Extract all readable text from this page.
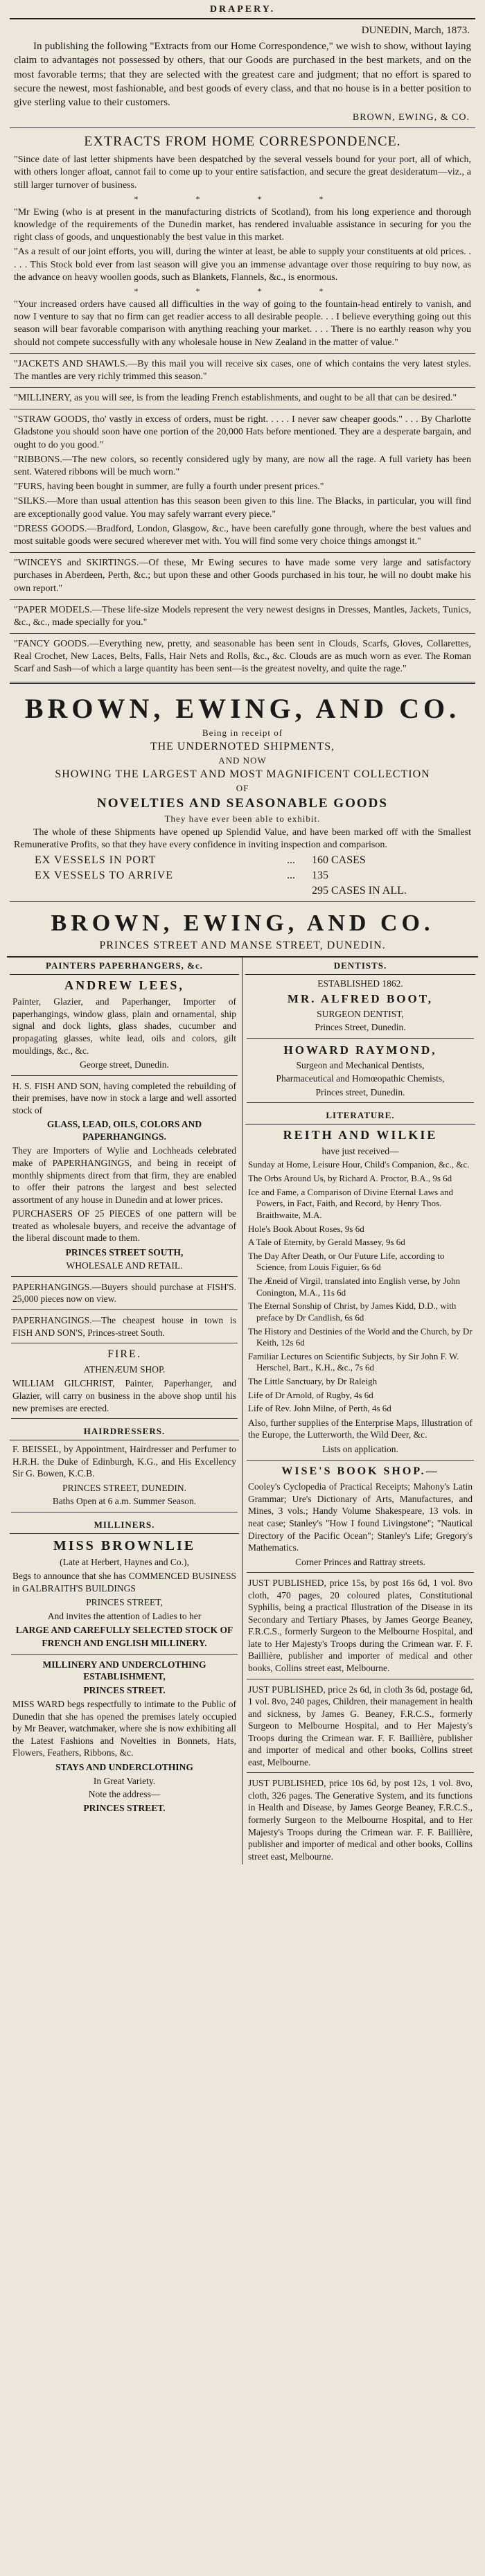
DRAPERY.
DUNEDIN, March, 1873.

In publishing the following "Extracts from our Home Correspondence," we wish to show, without laying claim to advantages not possessed by others, that our Goods are purchased in the best markets, and on the most favorable terms; that they are selected with the greatest care and judgment; that no effort is spared to secure the newest, most fashionable, and best goods of every class, and that no house is in a better position to give sterling value to their customers.

BROWN, EWING, & CO.
EXTRACTS FROM HOME CORRESPONDENCE.

"Since date of last letter shipments have been despatched by the several vessels bound for your port, all of which, with others longer afloat, cannot fail to come up to your entire satisfaction, and secure the great desideratum—viz., a still larger turnover of business.

* * * *

"Mr Ewing (who is at present in the manufacturing districts of Scotland), from his long experience and thorough knowledge of the requirements of the Dunedin market, has rendered invaluable assistance in securing for you the right class of goods, and unquestionably the best value in this market.

"As a result of our joint efforts, you will, during the winter at least, be able to supply your constituents at old prices. . . . . This Stock bold ever from last season will give you an immense advantage over those requiring to buy now, as the advance on heavy woollen goods, such as Blankets, Flannels, &c., is enormous.

* * * *

"Your increased orders have caused all difficulties in the way of going to the fountain-head entirely to vanish, and now I venture to say that no firm can get readier access to all desirable people. . . I believe everything going out this season will bear favorable comparison with anything reaching your market. . . . There is no earthly reason why you should not compete successfully with any wholesale house in New Zealand in the matter of value."

"JACKETS AND SHAWLS.—By this mail you will receive six cases, one of which contains the very latest styles. The mantles are very richly trimmed this season."

"MILLINERY, as you will see, is from the leading French establishments, and ought to be all that can be desired."

"STRAW GOODS, tho' vastly in excess of orders, must be right. . . . . I never saw cheaper goods." . . . By Charlotte Gladstone you should soon have one portion of the 20,000 Hats before mentioned. They are a desperate bargain, and ought to do you good."

"RIBBONS.—The new colors, so recently considered ugly by many, are now all the rage. A full variety has been sent. Watered ribbons will be much worn."

"FURS, having been bought in summer, are fully a fourth under present prices."

"SILKS.—More than usual attention has this season been given to this line. The Blacks, in particular, you will find are exceptionally good value. You may safely warrant every piece."

"DRESS GOODS.—Bradford, London, Glasgow, &c., have been carefully gone through, where the best values and most suitable goods were secured wherever met with. You will find some very choice things amongst it."

"WINCEYS and SKIRTINGS.—Of these, Mr Ewing secures to have made some very large and satisfactory purchases in Aberdeen, Perth, &c.; but upon these and other Goods purchased in his tour, he will no doubt make his own report."

"PAPER MODELS.—These life-size Models represent the very newest designs in Dresses, Mantles, Jackets, Tunics, &c., &c., made specially for you."

"FANCY GOODS.—Everything new, pretty, and seasonable has been sent in Clouds, Scarfs, Gloves, Collarettes, Real Crochet, New Laces, Belts, Falls, Hair Nets and Rolls, &c., &c. Clouds are as much worn as ever. The Roman Scarf and Sash—of which a large quantity has been sent—is the greatest novelty, and quite the rage."

BROWN, EWING, AND CO.
Being in receipt of
THE UNDERNOTED SHIPMENTS,
AND NOW
SHOWING THE LARGEST AND MOST MAGNIFICENT COLLECTION
OF
NOVELTIES AND SEASONABLE GOODS
They have ever been able to exhibit.

The whole of these Shipments have opened up Splendid Value, and have been marked off with the Smallest Remunerative Profits, so that they have every confidence in inviting inspection and comparison.

EX VESSELS IN PORT	...	160 CASES
EX VESSELS TO ARRIVE	...	135
295 CASES IN ALL.
BROWN, EWING, AND CO.
PRINCES STREET AND MANSE STREET, DUNEDIN.
PAINTERS PAPERHANGERS, &c.
ANDREW LEES,

Painter, Glazier, and Paperhanger, Importer of paperhangings, window glass, plain and ornamental, ship signal and dock lights, glass shades, cucumber and propagating glasses, white lead, oils and colors, gilt mouldings, &c., &c.

George street, Dunedin.

H. S. FISH AND SON, having completed the rebuilding of their premises, have now in stock a large and well assorted stock of

GLASS, LEAD, OILS, COLORS AND PAPERHANGINGS.

They are Importers of Wylie and Lochheads celebrated make of PAPERHANGINGS, and being in receipt of monthly shipments direct from that firm, they are enabled to offer their patrons the largest and best selected assortment of any house in Dunedin and at lower prices.

PURCHASERS OF 25 PIECES of one pattern will be treated as wholesale buyers, and receive the advantage of the liberal discount made to them.

PRINCES STREET SOUTH,
WHOLESALE AND RETAIL.

PAPERHANGINGS.—Buyers should purchase at FISH'S. 25,000 pieces now on view.

PAPERHANGINGS.—The cheapest house in town is FISH AND SON'S, Princes-street South.

FIRE.
ATHENÆUM SHOP.

WILLIAM GILCHRIST, Painter, Paperhanger, and Glazier, will carry on business in the above shop until his new premises are erected.

HAIRDRESSERS.

F. BEISSEL, by Appointment, Hairdresser and Perfumer to H.R.H. the Duke of Edinburgh, K.G., and His Excellency Sir G. Bowen, K.C.B.

PRINCES STREET, DUNEDIN.
Baths Open at 6 a.m. Summer Season.
MILLINERS.
MISS BROWNLIE
(Late at Herbert, Haynes and Co.),

Begs to announce that she has COMMENCED BUSINESS in GALBRAITH'S BUILDINGS

PRINCES STREET,
And invites the attention of Ladies to her
LARGE AND CAREFULLY SELECTED STOCK OF
FRENCH AND ENGLISH MILLINERY.
MILLINERY AND UNDERCLOTHING ESTABLISHMENT,
PRINCES STREET.

MISS WARD begs respectfully to intimate to the Public of Dunedin that she has opened the premises lately occupied by Mr Beaver, watchmaker, where she is now exhibiting all the Latest Fashions and Novelties in Bonnets, Hats, Flowers, Feathers, Ribbons, &c.

STAYS AND UNDERCLOTHING
In Great Variety.
Note the address—
PRINCES STREET.
DENTISTS.
ESTABLISHED 1862.
MR. ALFRED BOOT,
SURGEON DENTIST,
Princes Street, Dunedin.
HOWARD RAYMOND,
Surgeon and Mechanical Dentists,
Pharmaceutical and Homœopathic Chemists,
Princes street, Dunedin.
LITERATURE.
REITH AND WILKIE
have just received—

Sunday at Home, Leisure Hour, Child's Companion, &c., &c.

The Orbs Around Us, by Richard A. Proctor, B.A., 9s 6d

Ice and Fame, a Comparison of Divine Eternal Laws and Powers, in Fact, Faith, and Record, by Henry Thos. Braithwaite, M.A.

Hole's Book About Roses, 9s 6d

A Tale of Eternity, by Gerald Massey, 9s 6d

The Day After Death, or Our Future Life, according to Science, from Louis Figuier, 6s 6d

The Æneid of Virgil, translated into English verse, by John Conington, M.A., 11s 6d

The Eternal Sonship of Christ, by James Kidd, D.D., with preface by Dr Candlish, 6s 6d

The History and Destinies of the World and the Church, by Dr Keith, 12s 6d

Familiar Lectures on Scientific Subjects, by Sir John F. W. Herschel, Bart., K.H., &c., 7s 6d

The Little Sanctuary, by Dr Raleigh

Life of Dr Arnold, of Rugby, 4s 6d

Life of Rev. John Milne, of Perth, 4s 6d

Also, further supplies of the Enterprise Maps, Illustration of the Europe, the Lutterworth, the Wild Deer, &c.

Lists on application.
WISE'S BOOK SHOP.—

Cooley's Cyclopedia of Practical Receipts; Mahony's Latin Grammar; Ure's Dictionary of Arts, Manufactures, and Mines, 3 vols.; Handy Volume Shakespeare, 13 vols. in neat case; Stanley's "How I found Livingstone"; "Nautical Directory of the Pacific Ocean"; Stanley's Life; Gregory's Mathematics.

Corner Princes and Rattray streets.

JUST PUBLISHED, price 15s, by post 16s 6d, 1 vol. 8vo cloth, 470 pages, 20 coloured plates, Constitutional Syphilis, being a practical Illustration of the Disease in its Secondary and Tertiary Phases, by James George Beaney, F.R.C.S., formerly Surgeon to the Melbourne Hospital, and late to Her Majesty's Troops during the Crimean war. F. F. Baillière, publisher and importer of medical and other books, Collins street east, Melbourne.

JUST PUBLISHED, price 2s 6d, in cloth 3s 6d, postage 6d, 1 vol. 8vo, 240 pages, Children, their management in health and sickness, by James G. Beaney, F.R.C.S., formerly Surgeon to Melbourne Hospital, and to Her Majesty's Troops during the Crimean war. F. F. Baillière, publisher and importer of medical and other books, Collins street east, Melbourne.

JUST PUBLISHED, price 10s 6d, by post 12s, 1 vol. 8vo, cloth, 326 pages. The Generative System, and its functions in Health and Disease, by James George Beaney, F.R.C.S., formerly Surgeon to the Melbourne Hospital, and to Her Majesty's Troops during the Crimean war. F. F. Baillière, publisher and importer of medical and other books, Collins street east, Melbourne.
